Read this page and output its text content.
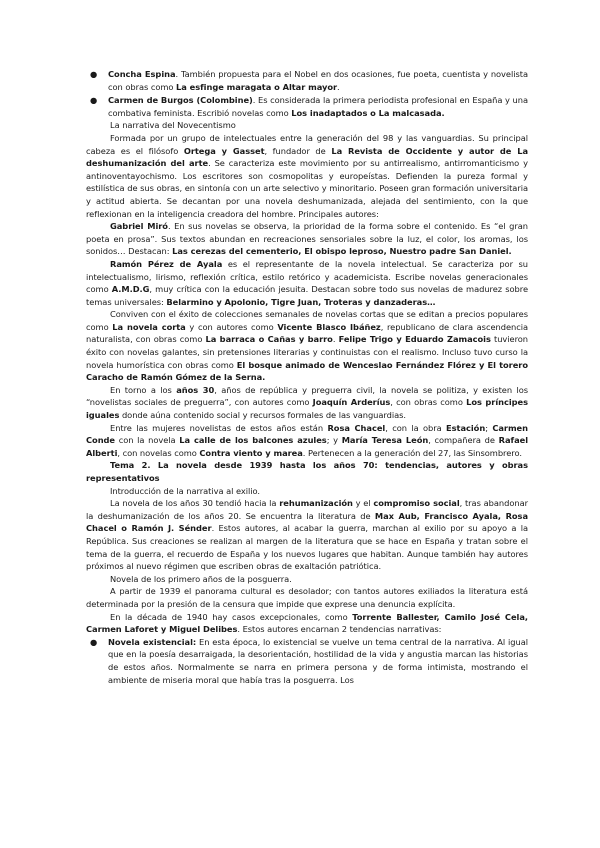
● Concha Espina. También propuesta para el Nobel en dos ocasiones, fue poeta, cuentista y novelista con obras como La esfinge maragata o Altar mayor.
● Carmen de Burgos (Colombine). Es considerada la primera periodista profesional en España y una combativa feminista. Escribió novelas como Los inadaptados o La malcasada.

La narrativa del Novecentismo

Formada por un grupo de intelectuales entre la generación del 98 y las vanguardias. Su principal cabeza es el filósofo Ortega y Gasset, fundador de La Revista de Occidente y autor de La deshumanización del arte. Se caracteriza este movimiento por su antirrealismo, antirromanticismo y antinoventayochismo. Los escritores son cosmopolitas y europeístas. Defienden la pureza formal y estilística de sus obras, en sintonía con un arte selectivo y minoritario. Poseen gran formación universitaria y actitud abierta. Se decantan por una novela deshumanizada, alejada del sentimiento, con la que reflexionan en la inteligencia creadora del hombre. Principales autores:

Gabriel Miró. En sus novelas se observa, la prioridad de la forma sobre el contenido. Es “el gran poeta en prosa”. Sus textos abundan en recreaciones sensoriales sobre la luz, el color, los aromas, los sonidos… Destacan: Las cerezas del cementerio, El obispo leproso, Nuestro padre San Daniel.

Ramón Pérez de Ayala es el representante de la novela intelectual. Se caracteriza por su intelectualismo, lirismo, reflexión crítica, estilo retórico y academicista. Escribe novelas generacionales como A.M.D.G, muy crítica con la educación jesuita. Destacan sobre todo sus novelas de madurez sobre temas universales: Belarmino y Apolonio, Tigre Juan, Troteras y danzaderas…

Conviven con el éxito de colecciones semanales de novelas cortas que se editan a precios populares como La novela corta y con autores como Vicente Blasco Ibáñez, republicano de clara ascendencia naturalista, con obras como La barraca o Cañas y barro. Felipe Trigo y Eduardo Zamacois tuvieron éxito con novelas galantes, sin pretensiones literarias y continuistas con el realismo. Incluso tuvo curso la novela humorística con obras como El bosque animado de Wenceslao Fernández Flórez y El torero Caracho de Ramón Gómez de la Serna.

En torno a los años 30, años de república y preguerra civil, la novela se politiza, y existen los “novelistas sociales de preguerra”, con autores como Joaquín Arderíus, con obras como Los príncipes iguales donde aúna contenido social y recursos formales de las vanguardias.

Entre las mujeres novelistas de estos años están Rosa Chacel, con la obra Estación; Carmen Conde con la novela La calle de los balcones azules; y María Teresa León, compañera de Rafael Alberti, con novelas como Contra viento y marea. Pertenecen a la generación del 27, las Sinsombrero.

Tema 2. La novela desde 1939 hasta los años 70: tendencias, autores y obras representativos

Introducción de la narrativa al exilio.

La novela de los años 30 tendió hacia la rehumanización y el compromiso social, tras abandonar la deshumanización de los años 20. Se encuentra la literatura de Max Aub, Francisco Ayala, Rosa Chacel o Ramón J. Sénder. Estos autores, al acabar la guerra, marchan al exilio por su apoyo a la República. Sus creaciones se realizan al margen de la literatura que se hace en España y tratan sobre el tema de la guerra, el recuerdo de España y los nuevos lugares que habitan. Aunque también hay autores próximos al nuevo régimen que escriben obras de exaltación patriótica.

Novela de los primero años de la posguerra.

A partir de 1939 el panorama cultural es desolador; con tantos autores exiliados la literatura está determinada por la presión de la censura que impide que exprese una denuncia explícita.

En la década de 1940 hay casos excepcionales, como Torrente Ballester, Camilo José Cela, Carmen Laforet y Miguel Delibes. Estos autores encarnan 2 tendencias narrativas:

● Novela existencial: En esta época, lo existencial se vuelve un tema central de la narrativa. Al igual que en la poesía desarraigada, la desorientación, hostilidad de la vida y angustia marcan las historias de estos años. Normalmente se narra en primera persona y de forma intimista, mostrando el ambiente de miseria moral que había tras la posguerra. Los
